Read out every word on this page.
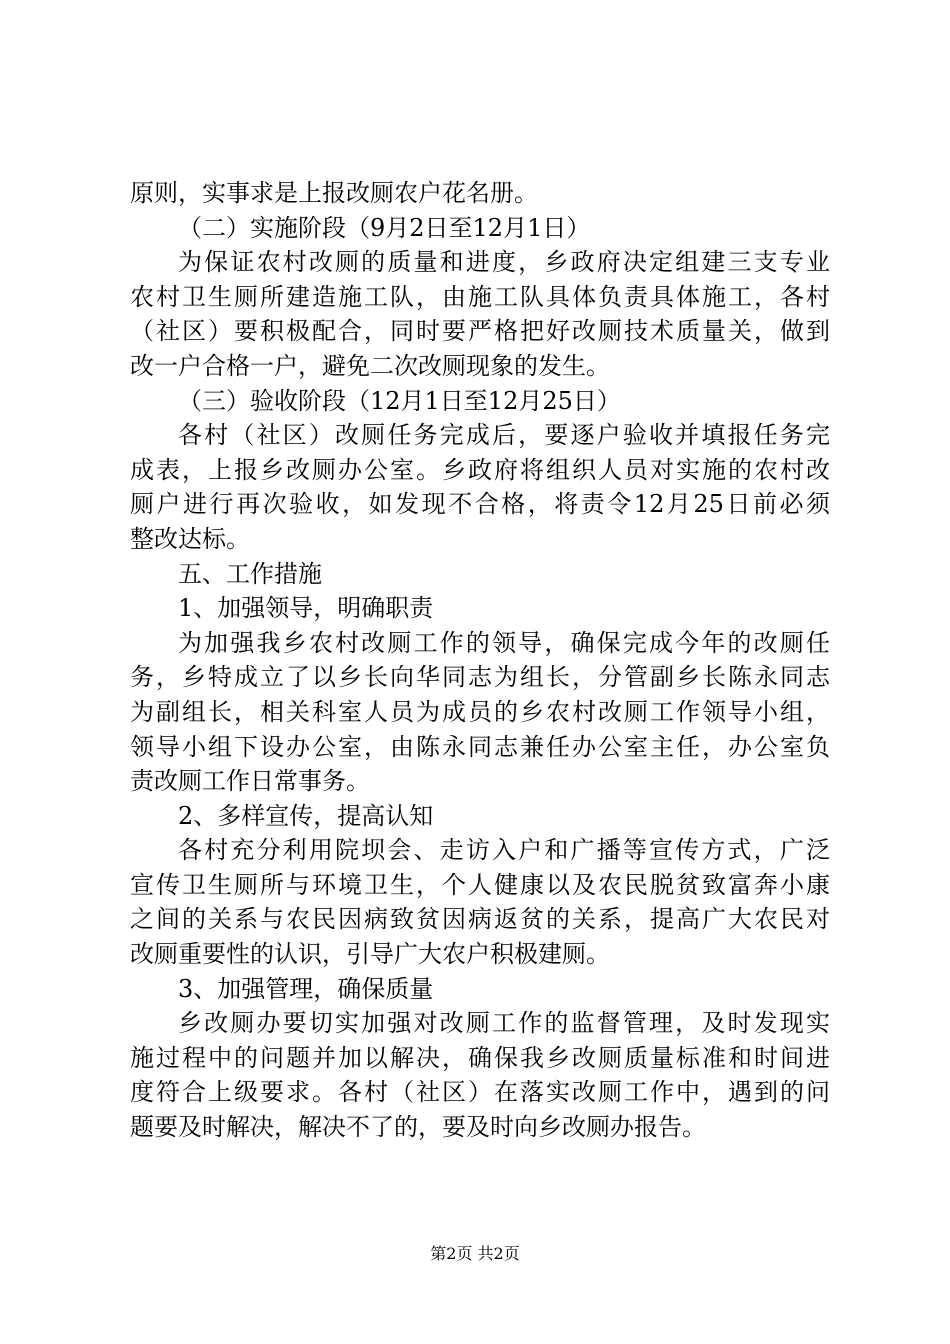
原则，实事求是上报改厕农户花名册。
（二）实施阶段（9月2日至12月1日）
为保证农村改厕的质量和进度，乡政府决定组建三支专业
农村卫生厕所建造施工队，由施工队具体负责具体施工，各村
（社区）要积极配合，同时要严格把好改厕技术质量关，做到
改一户合格一户，避免二次改厕现象的发生。
（三）验收阶段（12月1日至12月25日）
各村（社区）改厕任务完成后，要逐户验收并填报任务完
成表，上报乡改厕办公室。乡政府将组织人员对实施的农村改
厕户进行再次验收，如发现不合格，将责令12月25日前必须
整改达标。
五、工作措施
1、加强领导，明确职责
为加强我乡农村改厕工作的领导，确保完成今年的改厕任
务，乡特成立了以乡长向华同志为组长，分管副乡长陈永同志
为副组长，相关科室人员为成员的乡农村改厕工作领导小组，
领导小组下设办公室，由陈永同志兼任办公室主任，办公室负
责改厕工作日常事务。
2、多样宣传，提高认知
各村充分利用院坝会、走访入户和广播等宣传方式，广泛
宣传卫生厕所与环境卫生，个人健康以及农民脱贫致富奔小康
之间的关系与农民因病致贫因病返贫的关系，提高广大农民对
改厕重要性的认识，引导广大农户积极建厕。
3、加强管理，确保质量
乡改厕办要切实加强对改厕工作的监督管理，及时发现实
施过程中的问题并加以解决，确保我乡改厕质量标准和时间进
度符合上级要求。各村（社区）在落实改厕工作中，遇到的问
题要及时解决，解决不了的，要及时向乡改厕办报告。
第2页 共2页
